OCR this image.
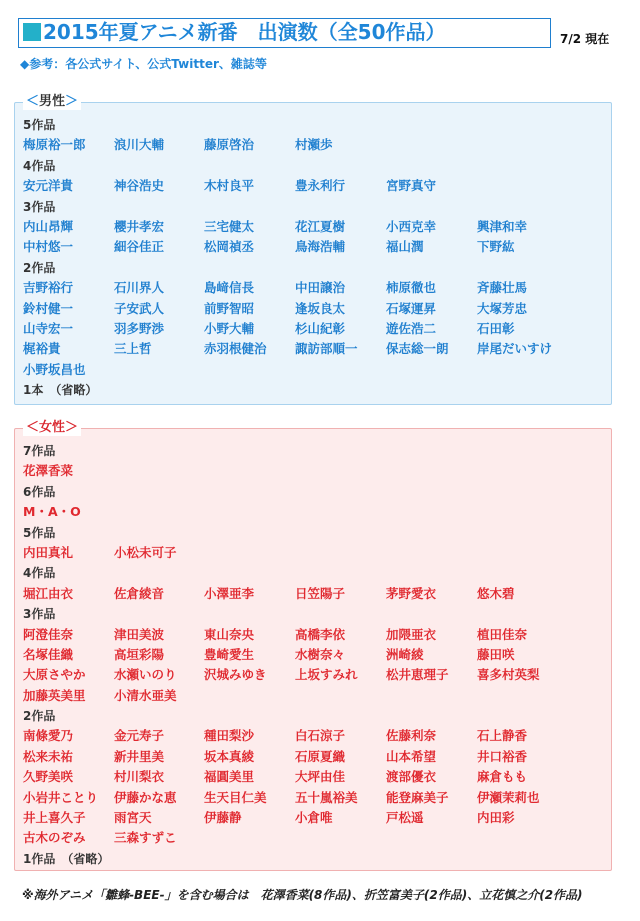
2015年夏アニメ新番　出演数（全50作品）	7/2 現在
◆参考：各公式サイト、公式Twitter、雑誌等
＜男性＞
5作品
梅原裕一郎 浪川大輔	藤原啓治	村瀬歩
4作品
安元洋貴	神谷浩史	木村良平	豊永利行	宮野真守
3作品
内山昂輝	櫻井孝宏	三宅健太	花江夏樹	小西克幸	興津和幸
中村悠一	細谷佳正	松岡禎丞	鳥海浩輔	福山潤	下野紘
2作品
吉野裕行	石川界人	島﨑信長	中田譲治	柿原徹也	斉藤壮馬
鈴村健一	子安武人	前野智昭	逢坂良太	石塚運昇	大塚芳忠
山寺宏一	羽多野渉	小野大輔	杉山紀彰	遊佐浩二	石田彰
梶裕貴	三上哲	赤羽根健治 諏訪部順一 保志総一朗 岸尾だいすけ
小野坂昌也
1本　（省略）
＜女性＞
7作品
花澤香菜
6作品
M・A・O
5作品
内田真礼	小松未可子
4作品
堀江由衣	佐倉綾音	小澤亜李	日笠陽子	茅野愛衣	悠木碧
3作品
阿澄佳奈	津田美波	東山奈央	高橋李依	加隈亜衣	植田佳奈
名塚佳織	高垣彩陽	豊崎愛生	水樹奈々	洲崎綾	藤田咲
大原さやか 水瀬いのり 沢城みゆき 上坂すみれ 松井恵理子 喜多村英梨
加藤英美里 小清水亜美
2作品
南條愛乃	金元寿子	種田梨沙	白石涼子	佐藤利奈	石上静香
松来未祐	新井里美	坂本真綾	石原夏織	山本希望	井口裕香
久野美咲	村川梨衣	福圓美里	大坪由佳	渡部優衣	麻倉もも
小岩井ことり 伊藤かな恵 生天目仁美 五十嵐裕美 能登麻美子 伊瀬茉莉也
井上喜久子 雨宮天	伊藤静	小倉唯	戸松遥	内田彩
古木のぞみ 三森すずこ
1作品　（省略）
※海外アニメ「雛蜂-BEE-」を含む場合は　花澤香菜(8作品)、折笠富美子(2作品)、立花慎之介(2作品)
